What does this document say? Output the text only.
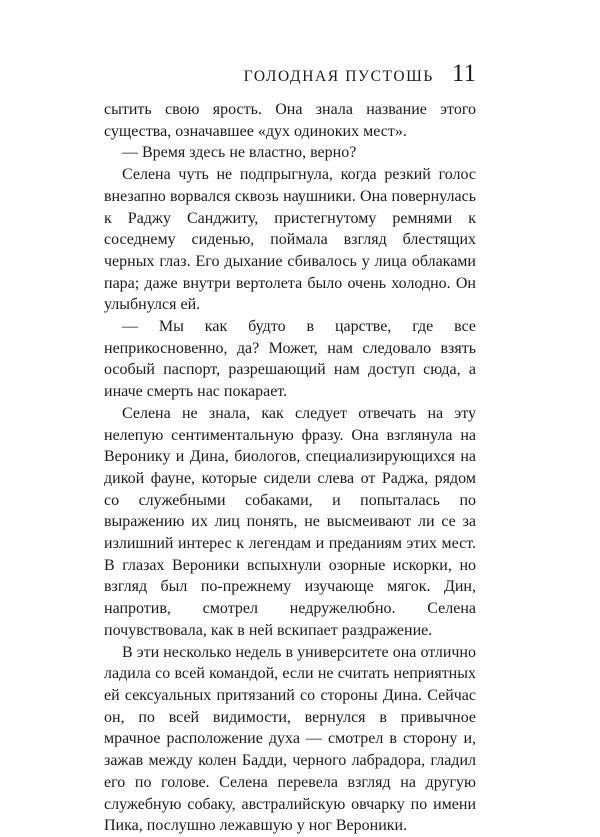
ГОЛОДНАЯ ПУСТОШЬ 11

сытить свою ярость. Она знала название этого существа, означавшее «дух одиноких мест».

— Время здесь не властно, верно?

Селена чуть не подпрыгнула, когда резкий голос внезапно ворвался сквозь наушники. Она повернулась к Раджу Санджиту, пристегнутому ремнями к соседнему сиденью, поймала взгляд блестящих черных глаз. Его дыхание сбивалось у лица облаками пара; даже внутри вертолета было очень холодно. Он улыбнулся ей.

— Мы как будто в царстве, где все неприкосновенно, да? Может, нам следовало взять особый паспорт, разрешающий нам доступ сюда, а иначе смерть нас покарает.

Селена не знала, как следует отвечать на эту нелепую сентиментальную фразу. Она взглянула на Веронику и Дина, биологов, специализирующихся на дикой фауне, которые сидели слева от Раджа, рядом со служебными собаками, и попыталась по выражению их лиц понять, не высмеивают ли се за излишний интерес к легендам и преданиям этих мест. В глазах Вероники вспыхнули озорные искорки, но взгляд был по-прежнему изучающе мягок. Дин, напротив, смотрел недружелюбно. Селена почувствовала, как в ней вскипает раздражение.

В эти несколько недель в университете она отлично ладила со всей командой, если не считать неприятных ей сексуальных притязаний со стороны Дина. Сейчас он, по всей видимости, вернулся в привычное мрачное расположение духа — смотрел в сторону и, зажав между колен Бадди, черного лабрадора, гладил его по голове. Селена перевела взгляд на другую служебную собаку, австралийскую овчарку по имени Пика, послушно лежавшую у ног Вероники.
